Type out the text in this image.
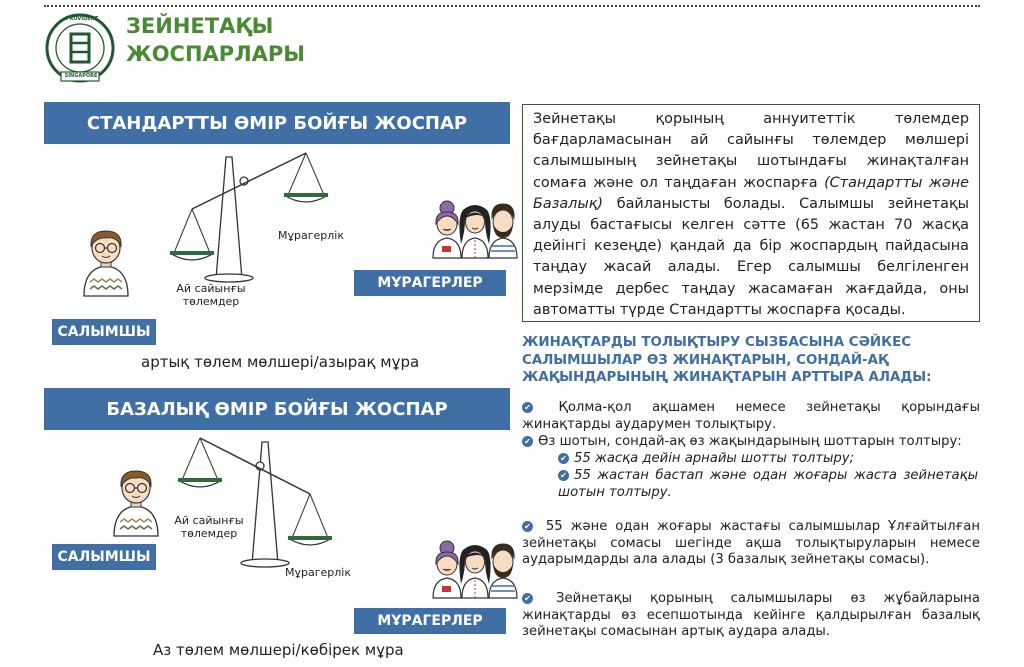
PROVIDENT
SINGAPORE
ЗЕЙНЕТАҚЫ
ЖОСПАРЛАРЫ
СТАНДАРТТЫ ӨМІР БОЙҒЫ ЖОСПАР
Мұрагерлік
Ай сайынғы
төлемдер
САЛЫМШЫ
МҰРАГЕРЛЕР
артық төлем мөлшері/азырақ мұра
БАЗАЛЫҚ ӨМІР БОЙҒЫ ЖОСПАР
Ай сайынғы
төлемдер
Мұрагерлік
САЛЫМШЫ
МҰРАГЕРЛЕР
Аз төлем мөлшері/көбірек мұра
Зейнетақы қорының аннуитеттік төлемдер бағдарламасынан ай сайынғы төлемдер мөлшері салымшының зейнетақы шотындағы жинақталған сомаға және ол таңдаған жоспарға (Стандартты және Базалық) байланысты болады. Салымшы зейнетақы алуды бастағысы келген сәтте (65 жастан 70 жасқа дейінгі кезеңде) қандай да бір жоспардың пайдасына таңдау жасай алады. Егер салымшы белгіленген мерзімде дербес таңдау жасамаған жағдайда, оны автоматты түрде Стандартты жоспарға қосады.
ЖИНАҚТАРДЫ ТОЛЫҚТЫРУ СЫЗБАСЫНА СӘЙКЕС
САЛЫМШЫЛАР ӨЗ ЖИНАҚТАРЫН, СОНДАЙ-АҚ
ЖАҚЫНДАРЫНЫҢ ЖИНАҚТАРЫН АРТТЫРА АЛАДЫ:
✔ Қолма-қол ақшамен немесе зейнетақы қорындағы жинақтарды аударумен толықтыру.
✔ Өз шотын, сондай-ақ өз жақындарының шоттарын толтыру:
✔ 55 жасқа дейін арнайы шотты толтыру;
✔ 55 жастан бастап және одан жоғары жаста зейнетақы шотын толтыру.
✔ 55 және одан жоғары жастағы салымшылар Ұлғайтылған зейнетақы сомасы шегінде ақша толықтыруларын немесе аударымдарды ала алады (3 базалық зейнетақы сомасы).
✔ Зейнетақы қорының салымшылары өз жұбайларына жинақтарды өз есепшотында кейінге қалдырылған базалық зейнетақы сомасынан артық аудара алады.
